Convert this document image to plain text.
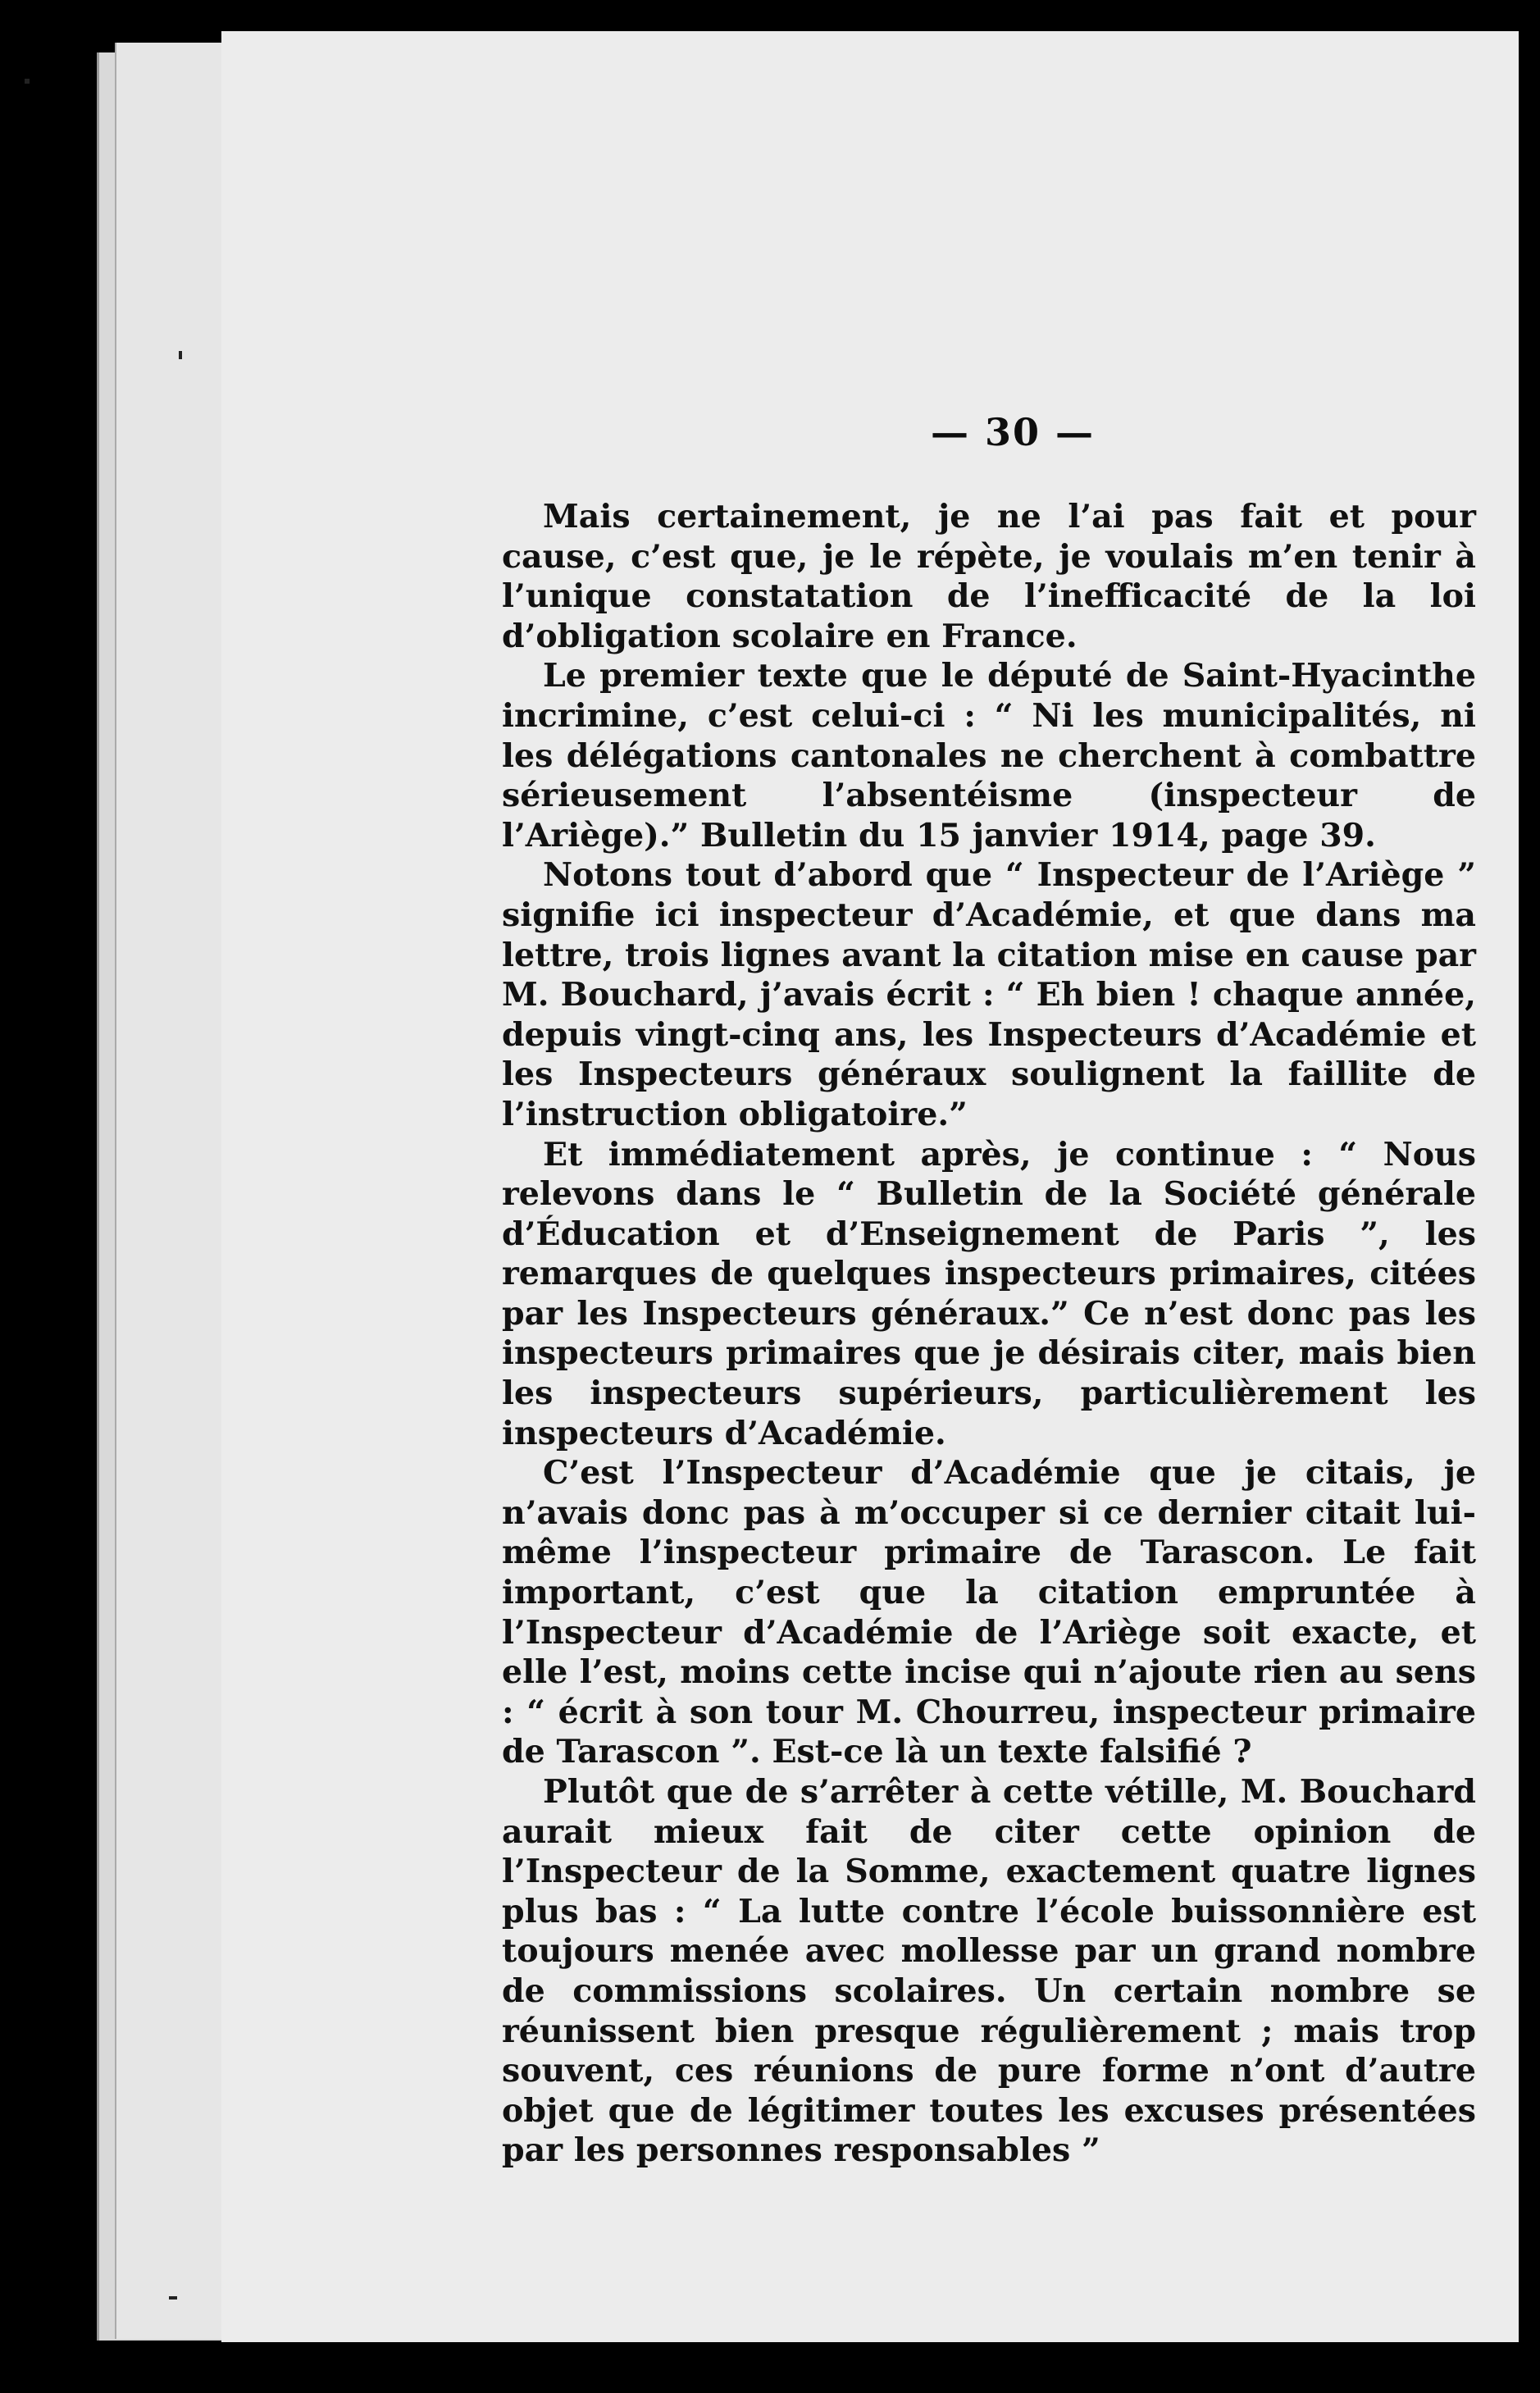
— 30 —

Mais certainement, je ne l’ai pas fait et pour cause, c’est que, je le répète, je voulais m’en tenir à l’unique constatation de l’inefficacité de la loi d’obligation scolaire en France.

Le premier texte que le député de Saint-Hyacinthe incrimine, c’est celui-ci : “ Ni les municipalités, ni les délégations cantonales ne cherchent à combattre sérieusement l’absentéisme (inspecteur de l’Ariège).” Bulletin du 15 janvier 1914, page 39.

Notons tout d’abord que “ Inspecteur de l’Ariège ” signifie ici inspecteur d’Académie, et que dans ma lettre, trois lignes avant la citation mise en cause par M. Bouchard, j’avais écrit : “ Eh bien ! chaque année, depuis vingt-cinq ans, les Inspecteurs d’Académie et les Inspecteurs généraux soulignent la faillite de l’instruction obligatoire.”

Et immédiatement après, je continue : “ Nous relevons dans le “ Bulletin de la Société générale d’Éducation et d’Enseignement de Paris ”, les remarques de quelques inspecteurs primaires, citées par les Inspecteurs généraux.” Ce n’est donc pas les inspecteurs primaires que je désirais citer, mais bien les inspecteurs supérieurs, particulièrement les inspecteurs d’Académie.

C’est l’Inspecteur d’Académie que je citais, je n’avais donc pas à m’occuper si ce dernier citait lui-même l’inspecteur primaire de Tarascon. Le fait important, c’est que la citation empruntée à l’Inspecteur d’Académie de l’Ariège soit exacte, et elle l’est, moins cette incise qui n’ajoute rien au sens : “ écrit à son tour M. Chourreu, inspecteur primaire de Tarascon ”. Est-ce là un texte falsifié ?

Plutôt que de s’arrêter à cette vétille, M. Bouchard aurait mieux fait de citer cette opinion de l’Inspecteur de la Somme, exactement quatre lignes plus bas : “ La lutte contre l’école buissonnière est toujours menée avec mollesse par un grand nombre de commissions scolaires. Un certain nombre se réunissent bien presque régulièrement ; mais trop souvent, ces réunions de pure forme n’ont d’autre objet que de légitimer toutes les excuses présentées par les personnes responsables ”
